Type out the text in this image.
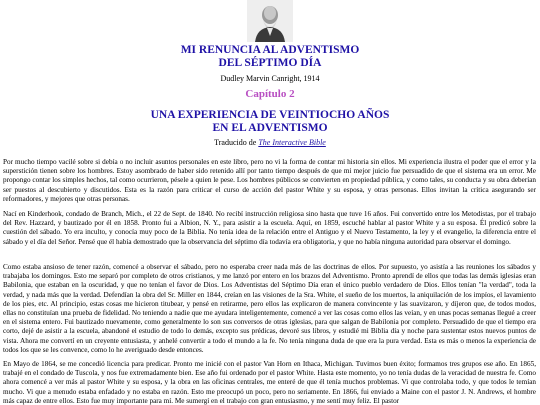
MI RENUNCIA AL ADVENTISMO
DEL SÉPTIMO DÍA
Dudley Marvin Canright, 1914
Capítulo 2
UNA EXPERIENCIA DE VEINTIOCHO AÑOS
EN EL ADVENTISMO
Traducido de The Interactive Bible

Por mucho tiempo vacilé sobre si debía o no incluir asuntos personales en este libro, pero no vi la forma de contar mi historia sin ellos. Mi experiencia ilustra el poder que el error y la superstición tienen sobre los hombres. Estoy asombrado de haber sido retenido allí por tanto tiempo después de que mi mejor juicio fue persuadido de que el sistema era un error. Me propongo contar los simples hechos, tal como ocurrieron, pésele a quien le pese. Los hombres públicos se convierten en propiedad pública, y como tales, su conducta y su obra deberían ser puestos al descubierto y discutidos. Esta es la razón para criticar el curso de acción del pastor White y su esposa, y otras personas. Ellos invitan la crítica asegurando ser reformadores, y mejores que otras personas.

Nací en Kinderhook, condado de Branch, Mich., el 22 de Sept. de 1840. No recibí instrucción religiosa sino hasta que tuve 16 años. Fui convertido entre los Metodistas, por el trabajo del Rev. Hazzard, y bautizado por él en 1858. Pronto fui a Albion, N. Y., para asistir a la escuela. Aquí, en 1859, escuché hablar al pastor White y a su esposa. Él predicó sobre la cuestión del sábado. Yo era inculto, y conocía muy poco de la Biblia. No tenía idea de la relación entre el Antiguo y el Nuevo Testamento, la ley y el evangelio, la diferencia entre el sábado y el día del Señor. Pensé que él había demostrado que la observancia del séptimo día todavía era obligatoria, y que no había ninguna autoridad para observar el domingo.

Como estaba ansioso de tener razón, comencé a observar el sábado, pero no esperaba creer nada más de las doctrinas de ellos. Por supuesto, yo asistía a las reuniones los sábados y trabajaba los domingos. Esto me separó por completo de otros cristianos, y me lanzó por entero en los brazos del Adventismo. Pronto aprendí de ellos que todas las demás iglesias eran Babilonia, que estaban en la oscuridad, y que no tenían el favor de Dios. Los Adventistas del Séptimo Día eran el único pueblo verdadero de Dios. Ellos tenían "la verdad", toda la verdad, y nada más que la verdad. Defendían la obra del Sr. Miller en 1844, creían en las visiones de la Sra. White, el sueño de los muertos, la aniquilación de los impíos, el lavamiento de los pies, etc. Al principio, estas cosas me hicieron titubear, y pensé en retirarme, pero ellos las explicaron de manera convincente y las suavizaron, y díjeron que, de todos modos, ellas no constituían una prueba de fidelidad. No teniendo a nadie que me ayudara inteligentemente, comencé a ver las cosas como ellos las veían, y en unas pocas semanas llegué a creer en el sistema entero. Fui bautizado nuevamente, como generalmente lo son sus conversos de otras iglesias, para que salgan de Babilonia por completo. Persuadido de que el tiempo era corto, dejé de asistir a la escuela, abandoné el estudio de todo lo demás, excepto sus prédicas, devoré sus libros, y estudié mi Biblia día y noche para sustentar estos nuevos puntos de vista. Ahora me convertí en un creyente entusiasta, y anhelé convertir a todo el mundo a la fe. No tenía ninguna duda de que era la pura verdad. Esta es más o menos la experiencia de todos los que se les convence, como lo he averiguado desde entonces.

En Mayo de 1864, se me concedió licencia para predicar. Pronto me inicié con el pastor Van Horn en Ithaca, Michigan. Tuvimos buen éxito; formamos tres grupos ese año. En 1865, trabajé en el condado de Tuscola, y nos fue extremadamente bien. Ese año fui ordenado por el pastor White. Hasta este momento, yo no tenía dudas de la veracidad de nuestra fe. Como ahora comencé a ver más al pastor White y su esposa, y la obra en las oficinas centrales, me enteré de que él tenía muchos problemas. Vi que controlaba todo, y que todos le temían mucho. Vi que a menudo estaba enfadado y no estaba en razón. Esto me preocupó un poco, pero no seriamente. En 1866, fui enviado a Maine con el pastor J. N. Andrews, el hombre más capaz de entre ellos. Esto fue muy importante para mí. Me sumergí en el trabajo con gran entusiasmo, y me sentí muy feliz. El pastor
